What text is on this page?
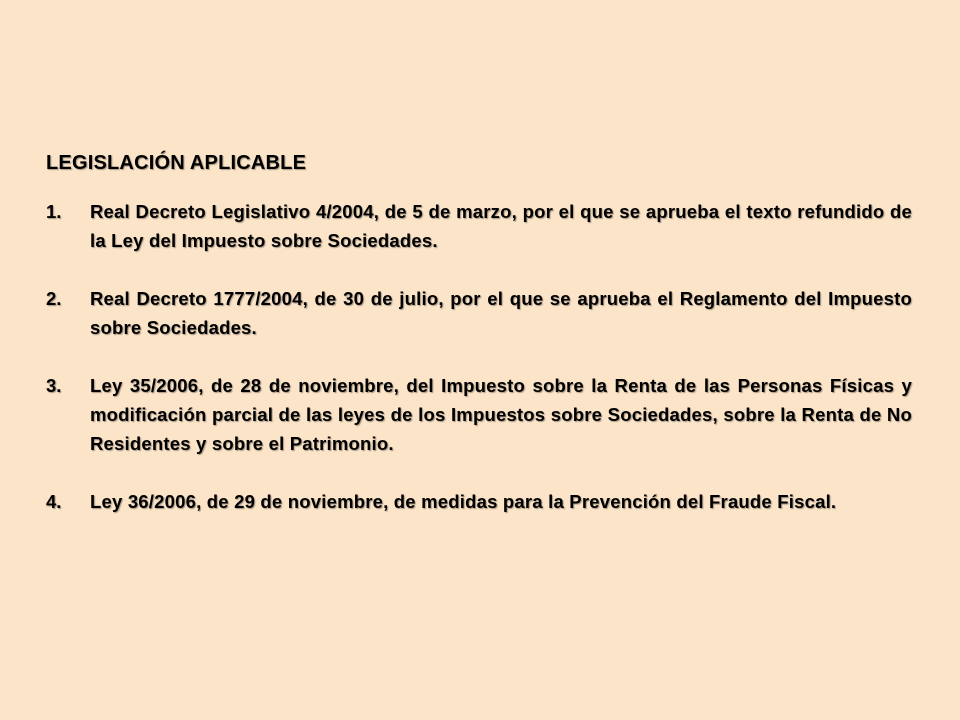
LEGISLACIÓN APLICABLE
1.	Real Decreto Legislativo 4/2004, de 5 de marzo, por el que se aprueba el texto refundido de la Ley del Impuesto sobre Sociedades.
2.	Real Decreto 1777/2004, de 30 de julio, por el que se aprueba el Reglamento del Impuesto sobre Sociedades.
3.	Ley 35/2006, de 28 de noviembre, del Impuesto sobre la Renta de las Personas Físicas y modificación parcial de las leyes de los Impuestos sobre Sociedades, sobre la Renta de No Residentes y sobre el Patrimonio.
4.	Ley 36/2006, de 29 de noviembre, de medidas para la Prevención del Fraude Fiscal.
